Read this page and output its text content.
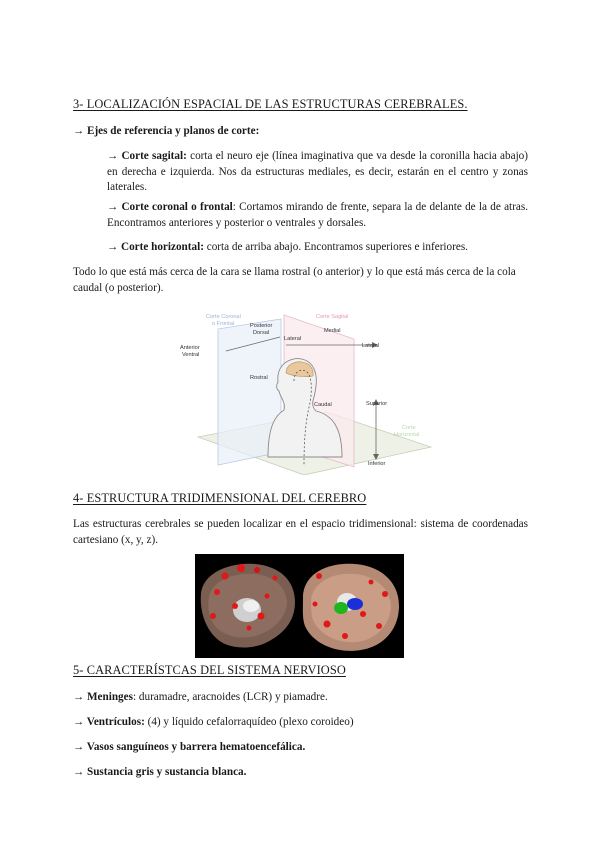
3- LOCALIZACIÓN ESPACIAL DE LAS ESTRUCTURAS CEREBRALES.
→ Ejes de referencia y planos de corte:
→ Corte sagital: corta el neuro eje (línea imaginativa que va desde la coronilla hacia abajo) en derecha e izquierda. Nos da estructuras mediales, es decir, estarán en el centro y zonas laterales.
→ Corte coronal o frontal: Cortamos mirando de frente, separa la de delante de la de atras. Encontramos anteriores y posterior o ventrales y dorsales.
→ Corte horizontal: corta de arriba abajo. Encontramos superiores e inferiores.
Todo lo que está más cerca de la cara se llama rostral (o anterior) y lo que está más cerca de la cola caudal (o posterior).
Corte Coronal
o Frontal
Corte Sagital
Posterior
Dorsal
Anterior
Ventral
Lateral
Medial
Lateral
Rostral
Caudal	Superior
Inferior
Corte
Horizontal
4- ESTRUCTURA TRIDIMENSIONAL DEL CEREBRO
Las estructuras cerebrales se pueden localizar en el espacio tridimensional: sistema de coordenadas cartesiano (x, y, z).
5- CARACTERÍSTCAS DEL SISTEMA NERVIOSO
→ Meninges: duramadre, aracnoides (LCR) y piamadre.
→ Ventrículos: (4) y líquido cefalorraquídeo (plexo coroideo)
→ Vasos sanguíneos y barrera hematoencefálica.
→ Sustancia gris y sustancia blanca.
